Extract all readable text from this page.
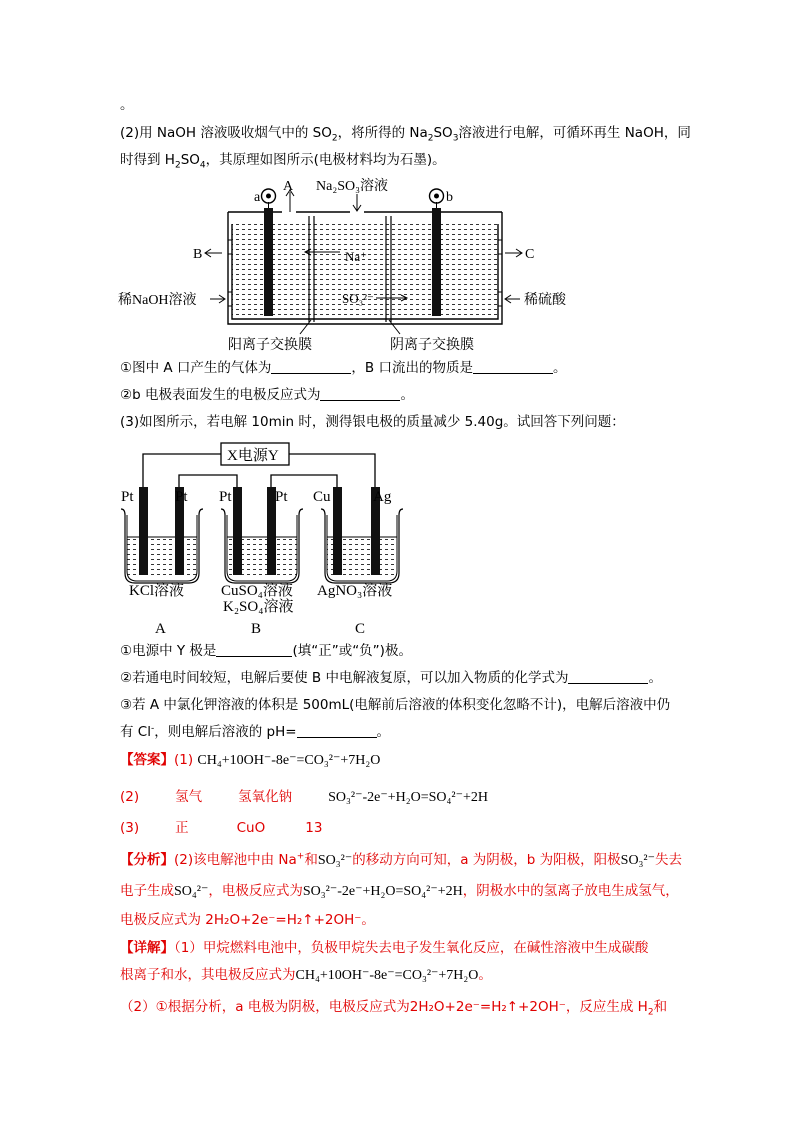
。
(2)用 NaOH 溶液吸收烟气中的 $SO_2$，将所得的 $Na_2SO_3$溶液进行电解，可循环再生 NaOH，同
时得到 $H_2SO_4$，其原理如图所示(电极材料均为石墨)。
a
A Na₂SO₃溶液
b
B	C
Na⁺
SO₃²⁻
稀NaOH溶液	稀硫酸
阳离子交换膜	阴离子交换膜
①图中 A 口产生的气体为	，B 口流出的物质是	。
②b 电极表面发生的电极反应式为	。
(3)如图所示，若电解 10min 时，测得银电极的质量减少 5.40g。试回答下列问题：
X电源Y
Pt	Pt Pt	Pt Cu	Ag
KCl溶液 CuSO₄溶液
K₂SO₄溶液
AgNO₃溶液
A	B	C
①电源中 Y 极是	(填“正”或“负”)极。
②若通电时间较短，电解后要使 B 中电解液复原，可以加入物质的化学式为	。
③若 A 中氯化钾溶液的体积是 500mL(电解前后溶液的体积变化忽略不计)，电解后溶液中仍
有 Cl-，则电解后溶液的 pH=	。
【答案】(1) CH₄+10OH⁻-8e⁻=CO₃²⁻+7H₂O
(2)	氢气	氢氧化钠	SO₃²⁻-2e⁻+H₂O=SO₄²⁻+2H
(3)	正	CuO	13
【分析】(2)该电解池中由 Na+和SO₃²⁻的移动方向可知，a 为阴极，b 为阳极，阳极SO₃²⁻失去
电子生成SO₄²⁻，电极反应式为SO₃²⁻-2e⁻+H₂O=SO₄²⁻+2H，阴极水中的氢离子放电生成氢气，
电极反应式为 2H₂O+2e⁻=H₂↑+2OH⁻。
【详解】（1）甲烷燃料电池中，负极甲烷失去电子发生氧化反应，在碱性溶液中生成碳酸
根离子和水，其电极反应式为CH₄+10OH⁻-8e⁻=CO₃²⁻+7H₂O。
（2）①根据分析，a 电极为阴极，电极反应式为2H₂O+2e⁻=H₂↑+2OH⁻，反应生成 $H_2$和
